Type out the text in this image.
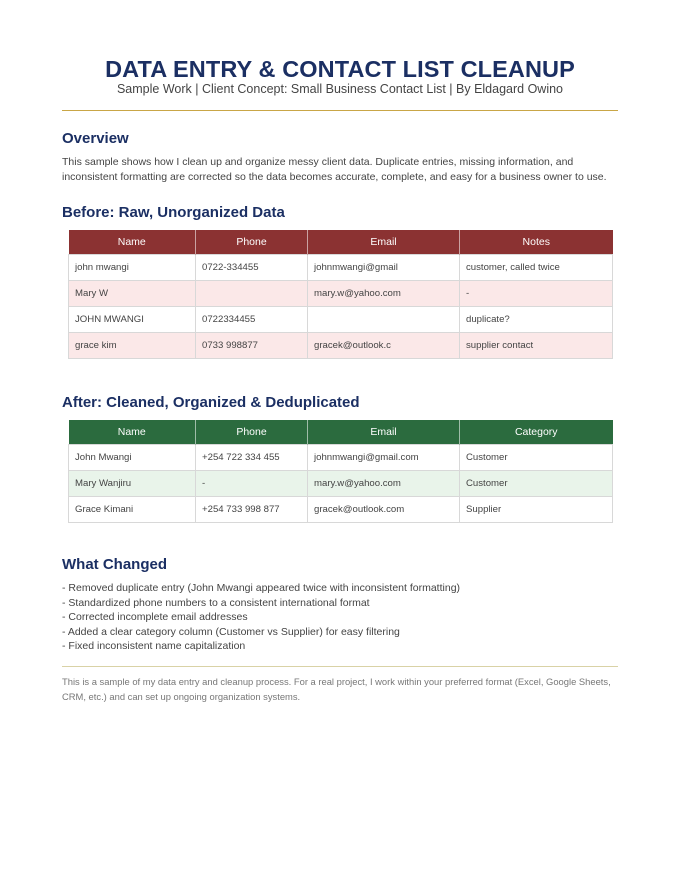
DATA ENTRY & CONTACT LIST CLEANUP
Sample Work | Client Concept: Small Business Contact List | By Eldagard Owino
Overview
This sample shows how I clean up and organize messy client data. Duplicate entries, missing information, and inconsistent formatting are corrected so the data becomes accurate, complete, and easy for a business owner to use.
Before: Raw, Unorganized Data
Name	Phone	Email	Notes
john mwangi	0722-334455	johnmwangi@gmail	customer, called twice
Mary W		mary.w@yahoo.com	-
JOHN MWANGI	0722334455		duplicate?
grace kim	0733 998877	gracek@outlook.c	supplier contact
After: Cleaned, Organized & Deduplicated
Name	Phone	Email	Category
John Mwangi	+254 722 334 455	johnmwangi@gmail.com	Customer
Mary Wanjiru	-	mary.w@yahoo.com	Customer
Grace Kimani	+254 733 998 877	gracek@outlook.com	Supplier
What Changed
- Removed duplicate entry (John Mwangi appeared twice with inconsistent formatting)
- Standardized phone numbers to a consistent international format
- Corrected incomplete email addresses
- Added a clear category column (Customer vs Supplier) for easy filtering
- Fixed inconsistent name capitalization
This is a sample of my data entry and cleanup process. For a real project, I work within your preferred format (Excel, Google Sheets, CRM, etc.) and can set up ongoing organization systems.
